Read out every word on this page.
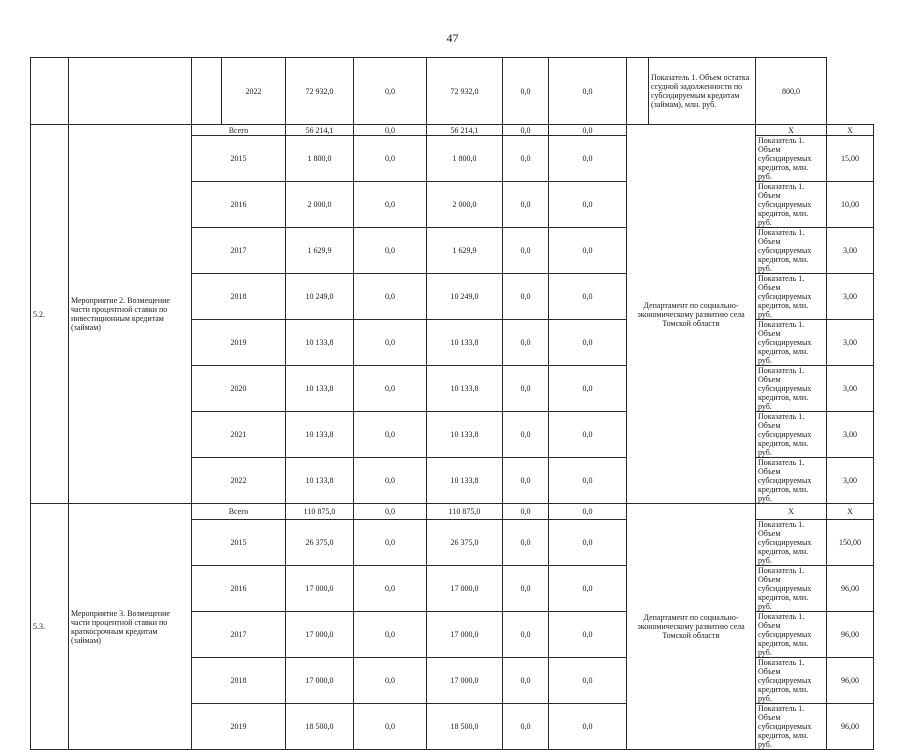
47
			2022	72 932,0	0,0	72 932,0	0,0	0,0		Показатель 1. Объем остатка ссудной задолженности по субсидируемым кредитам (займам), млн. руб.	800,0	
5.2.	Мероприятие 2. Возмещение части процентной ставки по инвестиционным кредитам (займам)	Всего		56 214,1	0,0	56 214,1	0,0	0,0	Департамент по социально-экономическому развитию села Томской области		X	X
		2015		1 800,0	0,0	1 800,0	0,0	0,0			Показатель 1. Объем субсидируемых кредитов, млн. руб.	15,00
		2016		2 000,0	0,0	2 000,0	0,0	0,0			Показатель 1. Объем субсидируемых кредитов, млн. руб.	10,00
		2017		1 629,9	0,0	1 629,9	0,0	0,0			Показатель 1. Объем субсидируемых кредитов, млн. руб.	3,00
		2018		10 249,0	0,0	10 249,0	0,0	0,0			Показатель 1. Объем субсидируемых кредитов, млн. руб.	3,00
		2019		10 133,8	0,0	10 133,8	0,0	0,0			Показатель 1. Объем субсидируемых кредитов, млн. руб.	3,00
		2020		10 133,8	0,0	10 133,8	0,0	0,0			Показатель 1. Объем субсидируемых кредитов, млн. руб.	3,00
		2021		10 133,8	0,0	10 133,8	0,0	0,0			Показатель 1. Объем субсидируемых кредитов, млн. руб.	3,00
		2022		10 133,8	0,0	10 133,8	0,0	0,0			Показатель 1. Объем субсидируемых кредитов, млн. руб.	3,00
5.3.	Мероприятие 3. Возмещение части процентной ставки по краткосрочным кредитам (займам)	Всего		110 875,0	0,0	110 875,0	0,0	0,0	Департамент по социально-экономическому развитию села Томской области		X	X
		2015		26 375,0	0,0	26 375,0	0,0	0,0			Показатель 1. Объем субсидируемых кредитов, млн. руб.	150,00
		2016		17 000,0	0,0	17 000,0	0,0	0,0			Показатель 1. Объем субсидируемых кредитов, млн. руб.	96,00
		2017		17 000,0	0,0	17 000,0	0,0	0,0			Показатель 1. Объем субсидируемых кредитов, млн. руб.	96,00
		2018		17 000,0	0,0	17 000,0	0,0	0,0			Показатель 1. Объем субсидируемых кредитов, млн. руб.	96,00
		2019		18 500,0	0,0	18 500,0	0,0	0,0			Показатель 1. Объем субсидируемых кредитов, млн. руб.	96,00
